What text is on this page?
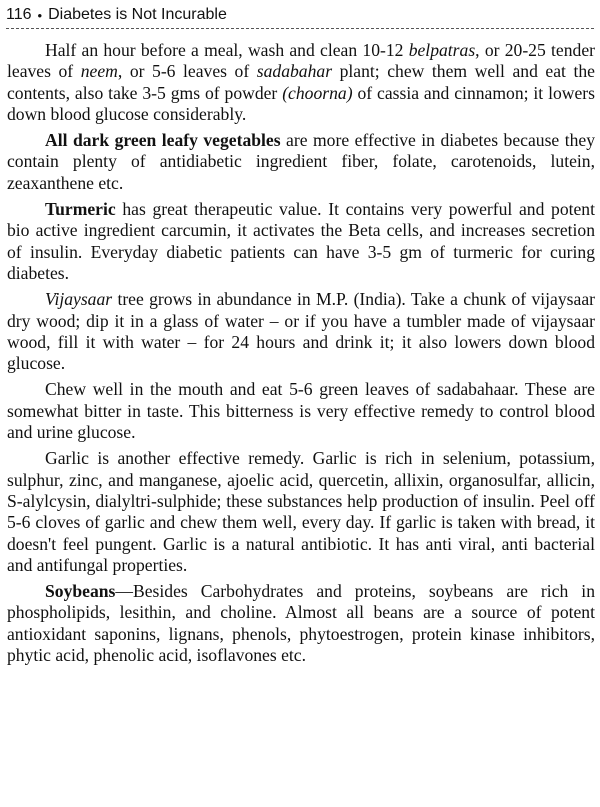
116 • Diabetes is Not Incurable

Half an hour before a meal, wash and clean 10-12 belpatras, or 20-25 tender leaves of neem, or 5-6 leaves of sadabahar plant; chew them well and eat the contents, also take 3-5 gms of powder (choorna) of cassia and cinnamon; it lowers down blood glucose considerably.

All dark green leafy vegetables are more effective in diabetes because they contain plenty of antidiabetic ingredient fiber, folate, carotenoids, lutein, zeaxanthene etc.

Turmeric has great therapeutic value. It contains very powerful and potent bio active ingredient carcumin, it activates the Beta cells, and increases secretion of insulin. Everyday diabetic patients can have 3-5 gm of turmeric for curing diabetes.

Vijaysaar tree grows in abundance in M.P. (India). Take a chunk of vijaysaar dry wood; dip it in a glass of water – or if you have a tumbler made of vijaysaar wood, fill it with water – for 24 hours and drink it; it also lowers down blood glucose.

Chew well in the mouth and eat 5-6 green leaves of sadabahaar. These are somewhat bitter in taste. This bitterness is very effective remedy to control blood and urine glucose.

Garlic is another effective remedy. Garlic is rich in selenium, potassium, sulphur, zinc, and manganese, ajoelic acid, quercetin, allixin, organosulfar, allicin, S-alylcysin, dialyltri-sulphide; these substances help production of insulin. Peel off 5-6 cloves of garlic and chew them well, every day. If garlic is taken with bread, it doesn't feel pungent. Garlic is a natural antibiotic. It has anti viral, anti bacterial and antifungal properties.

Soybeans—Besides Carbohydrates and proteins, soybeans are rich in phospholipids, lesithin, and choline. Almost all beans are a source of potent antioxidant saponins, lignans, phenols, phytoestrogen, protein kinase inhibitors, phytic acid, phenolic acid, isoflavones etc.
